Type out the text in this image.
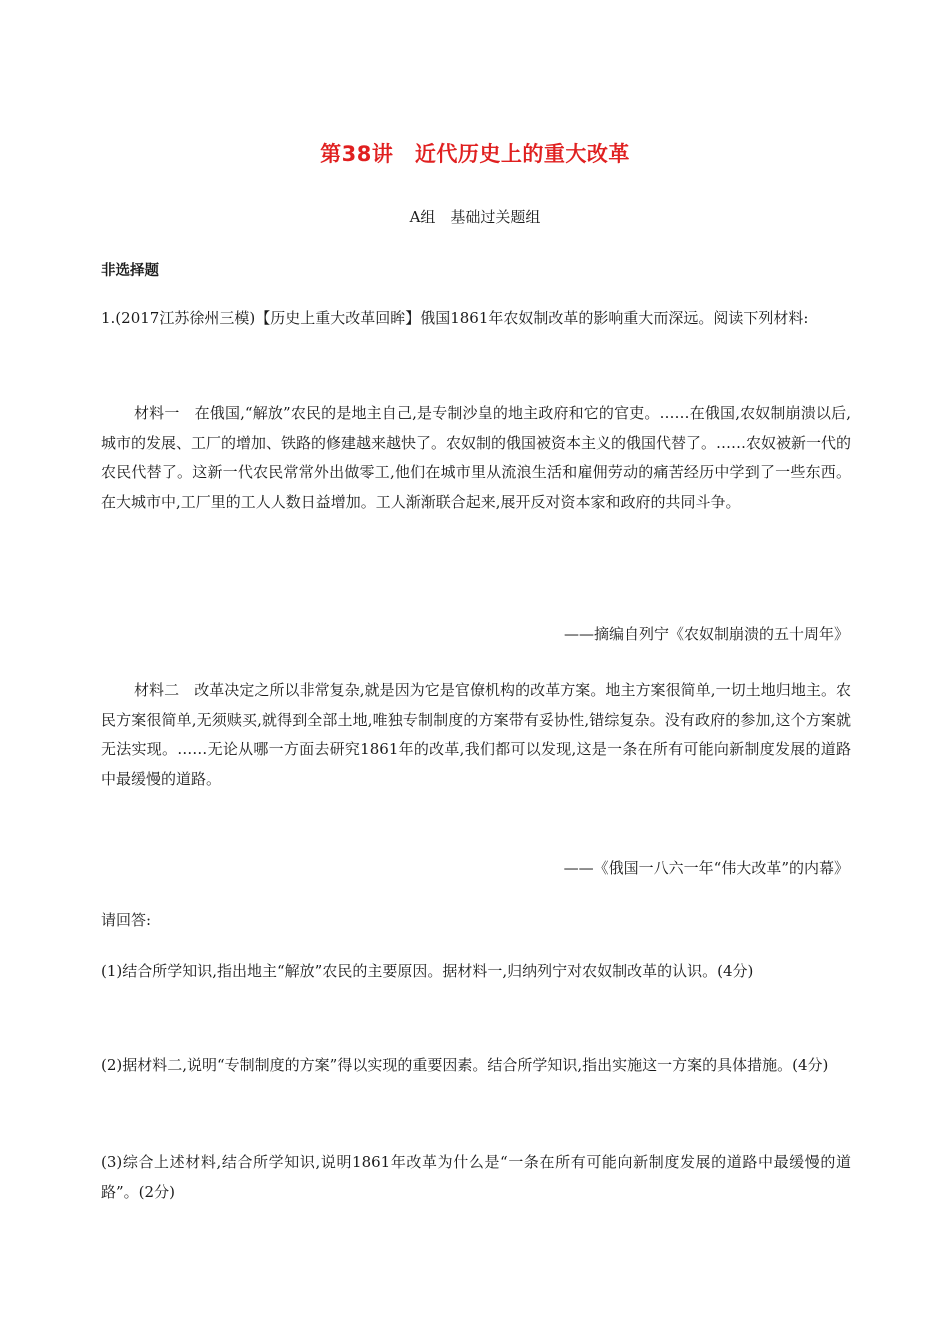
第38讲　近代历史上的重大改革
A组　基础过关题组
非选择题
1.(2017江苏徐州三模)【历史上重大改革回眸】俄国1861年农奴制改革的影响重大而深远。阅读下列材料:
材料一　在俄国,“解放”农民的是地主自己,是专制沙皇的地主政府和它的官吏。……在俄国,农奴制崩溃以后,城市的发展、工厂的增加、铁路的修建越来越快了。农奴制的俄国被资本主义的俄国代替了。……农奴被新一代的农民代替了。这新一代农民常常外出做零工,他们在城市里从流浪生活和雇佣劳动的痛苦经历中学到了一些东西。在大城市中,工厂里的工人人数日益增加。工人渐渐联合起来,展开反对资本家和政府的共同斗争。
——摘编自列宁《农奴制崩溃的五十周年》
材料二　改革决定之所以非常复杂,就是因为它是官僚机构的改革方案。地主方案很简单,一切土地归地主。农民方案很简单,无须赎买,就得到全部土地,唯独专制制度的方案带有妥协性,错综复杂。没有政府的参加,这个方案就无法实现。……无论从哪一方面去研究1861年的改革,我们都可以发现,这是一条在所有可能向新制度发展的道路中最缓慢的道路。
——《俄国一八六一年“伟大改革”的内幕》
请回答:
(1)结合所学知识,指出地主“解放”农民的主要原因。据材料一,归纳列宁对农奴制改革的认识。(4分)
(2)据材料二,说明“专制制度的方案”得以实现的重要因素。结合所学知识,指出实施这一方案的具体措施。(4分)
(3)综合上述材料,结合所学知识,说明1861年改革为什么是“一条在所有可能向新制度发展的道路中最缓慢的道路”。(2分)
